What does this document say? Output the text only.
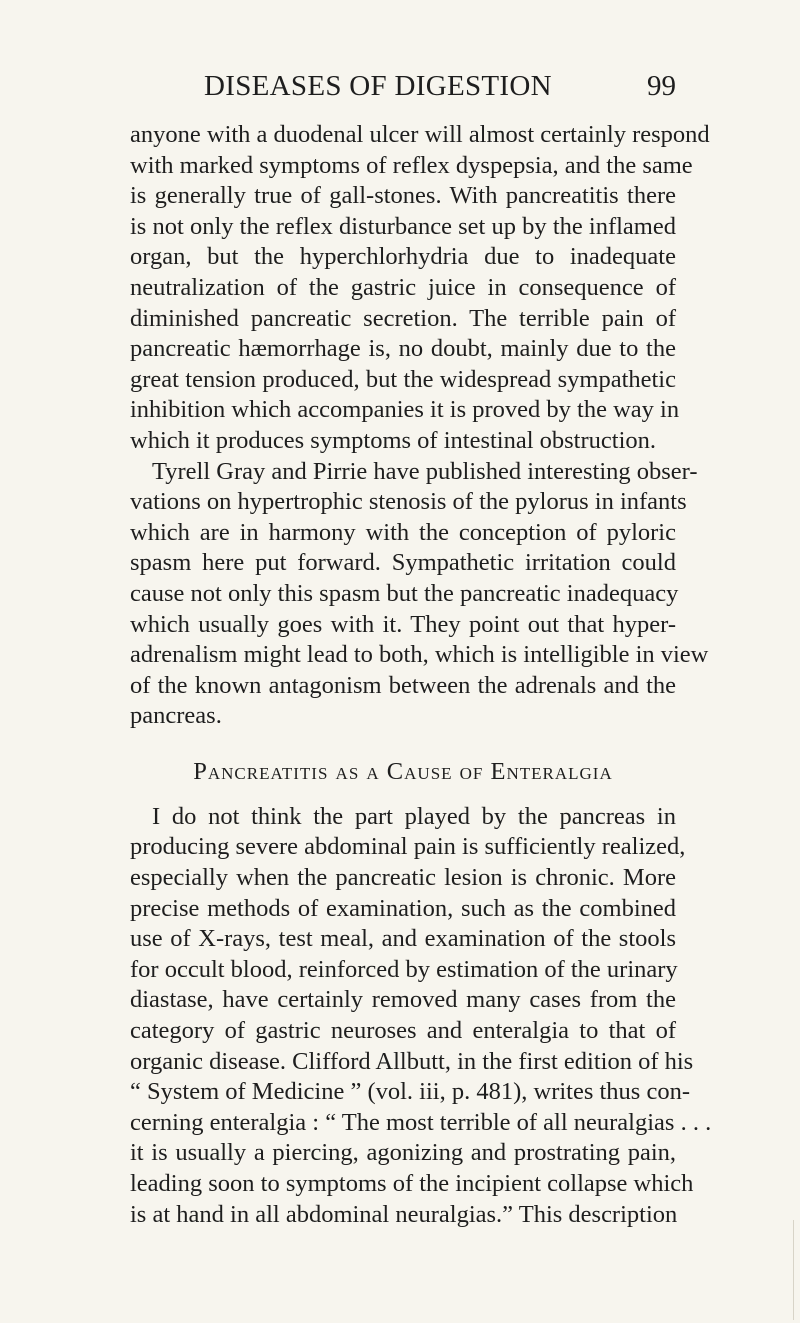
DISEASES OF DIGESTION	99
anyone with a duodenal ulcer will almost certainly respond
with marked symptoms of reflex dyspepsia, and the same
is generally true of gall-stones. With pancreatitis there
is not only the reflex disturbance set up by the inflamed
organ, but the hyperchlorhydria due to inadequate
neutralization of the gastric juice in consequence of
diminished pancreatic secretion. The terrible pain of
pancreatic hæmorrhage is, no doubt, mainly due to the
great tension produced, but the widespread sympathetic
inhibition which accompanies it is proved by the way in
which it produces symptoms of intestinal obstruction.
Tyrell Gray and Pirrie have published interesting obser-
vations on hypertrophic stenosis of the pylorus in infants
which are in harmony with the conception of pyloric
spasm here put forward. Sympathetic irritation could
cause not only this spasm but the pancreatic inadequacy
which usually goes with it. They point out that hyper-
adrenalism might lead to both, which is intelligible in view
of the known antagonism between the adrenals and the
pancreas.
Pancreatitis as a Cause of Enteralgia
I do not think the part played by the pancreas in
producing severe abdominal pain is sufficiently realized,
especially when the pancreatic lesion is chronic. More
precise methods of examination, such as the combined
use of X-rays, test meal, and examination of the stools
for occult blood, reinforced by estimation of the urinary
diastase, have certainly removed many cases from the
category of gastric neuroses and enteralgia to that of
organic disease. Clifford Allbutt, in the first edition of his
“ System of Medicine ” (vol. iii, p. 481), writes thus con-
cerning enteralgia : “ The most terrible of all neuralgias . . .
it is usually a piercing, agonizing and prostrating pain,
leading soon to symptoms of the incipient collapse which
is at hand in all abdominal neuralgias.” This description
